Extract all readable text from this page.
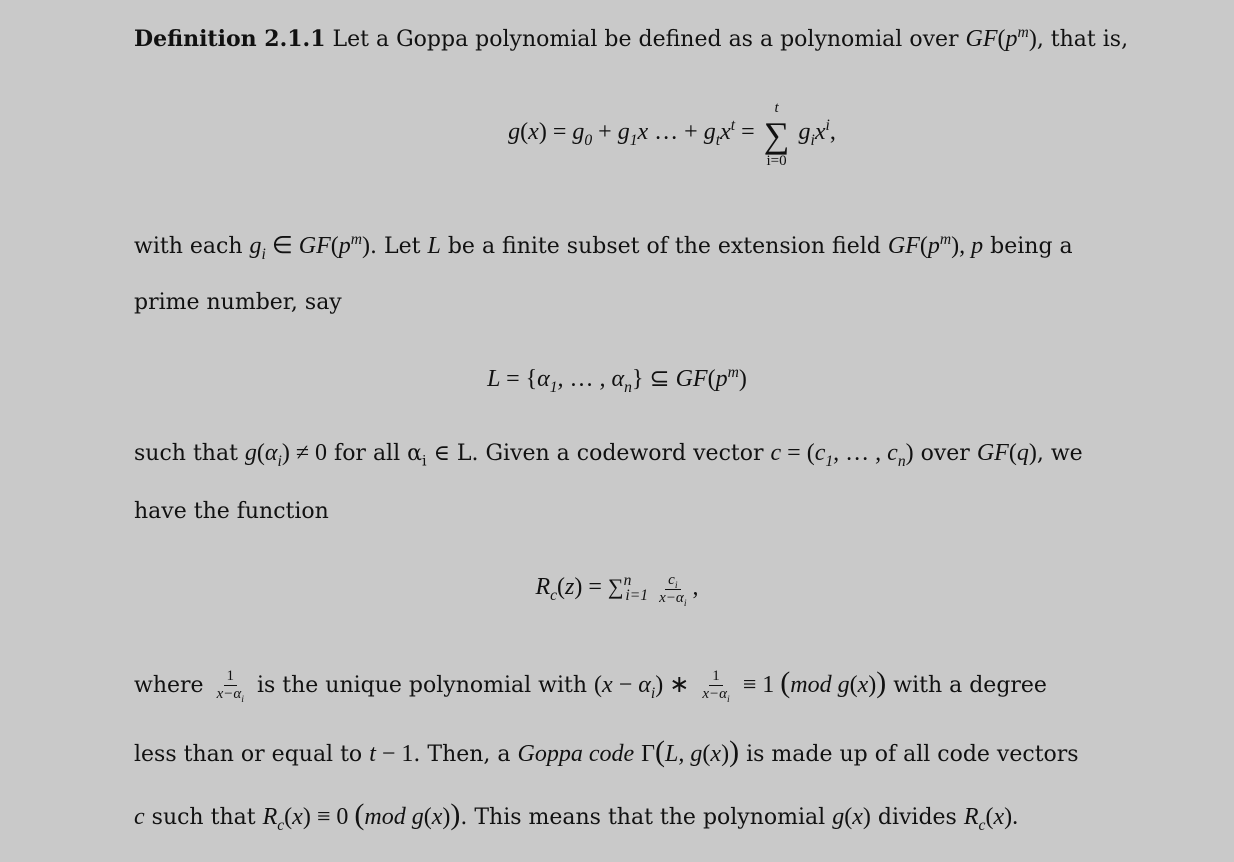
Definition 2.1.1 Let a Goppa polynomial be defined as a polynomial over $GF(p^m)$, that is,
$g(x) = g_0 + g_1x$ … + $g_tx^t$ =
t
∑
i=0
$g_ix^i$,
with each $g_i$ ∈ $GF(p^m)$. Let L be a finite subset of the extension field $GF(p^m)$, p being a
prime number, say
$L = \{\alpha_1$, … , $\alpha_n$} ⊆ $GF(p^m)$
such that $g(\alpha_i) \ne 0$ for all $\alpha_i$ ∈ L. Given a codeword vector $c = (c_1$, … , $c_n$) over GF(q), we
have the function
$R_c(z) = \sum^n_{i=1} \frac{c_i}{x-\alpha_i}$ ,
where $\frac{1}{x-\alpha_i}$ is the unique polynomial with $(x - \alpha_i)$ ∗ $\frac{1}{x-\alpha_i} \equiv 1$ (mod g(x)) with a degree
less than or equal to t − 1. Then, a Goppa code Γ(L, g(x)) is made up of all code vectors
c such that $R_c(x) \equiv 0$ (mod g(x)). This means that the polynomial g(x) divides $R_c(x)$.
